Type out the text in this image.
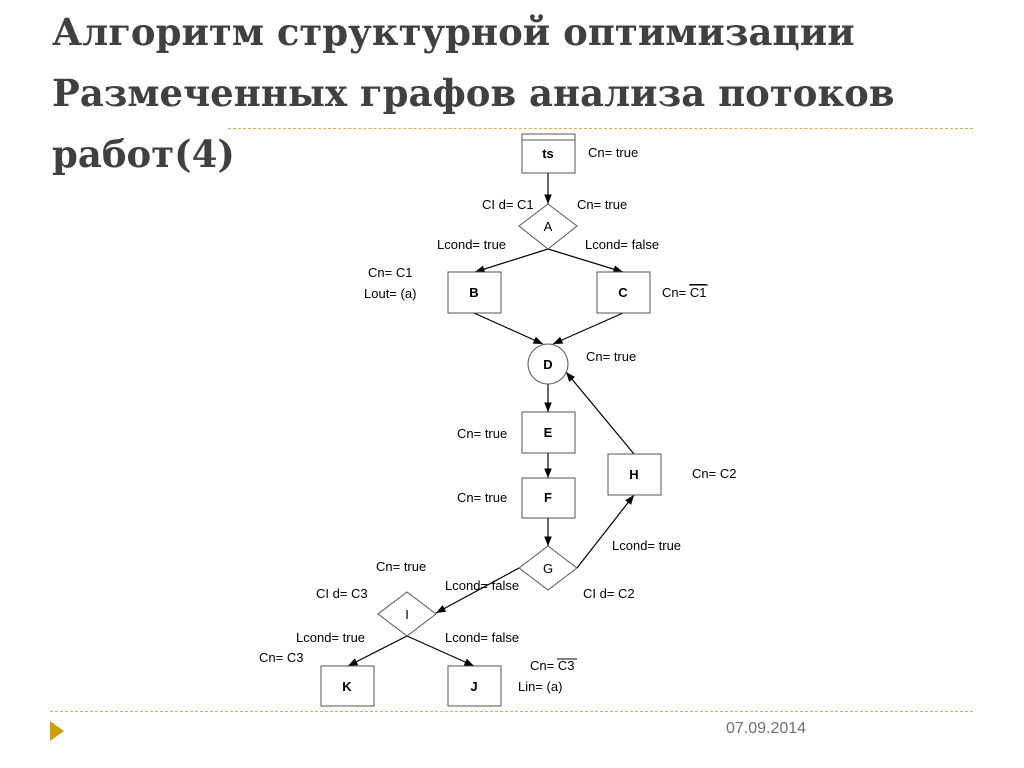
Алгоритм структурной оптимизации
Размеченных графов анализа потоков
работ(4)
07.09.2014
ts
A
B	C
D
E
F
G
H
I
K	J
Cn= true
CI d= C1	Cn= true
Lcond= true	Lcond= false
Cn= C1
Lout= (a)	Cn= C1
Cn= true
Cn= true
Cn= true
Cn= C2
Lcond= true
Cn= true
Lcond= false
CI d= C2
CI d= C3
Lcond= true	Lcond= false
Cn= C3
Cn= C3
Lin= (a)
